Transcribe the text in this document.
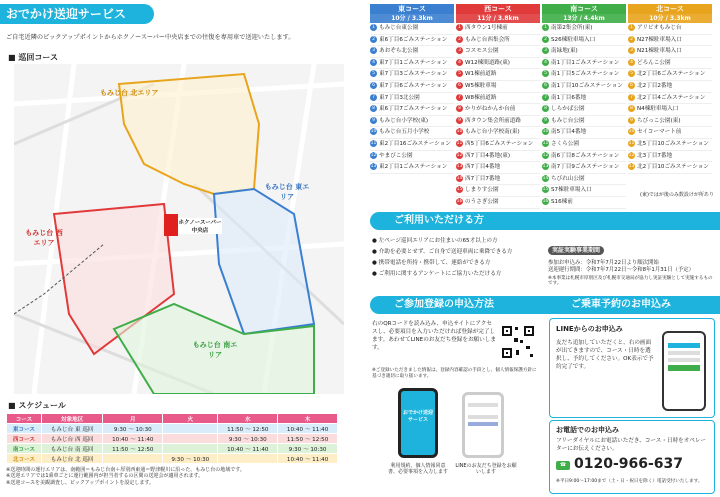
おでかけ送迎サービス
ご自宅近隣のピックアップポイントからホクノースーパー中央店までの往復を専用車で送迎いたします。
■ 巡回コース
もみじ台 北エリア
もみじ台 東エリア
もみじ台 西エリア
もみじ台 南エリア
ホクノースーパー 中央店
■ スケジュール
コース	対象地区	月	火	水	木
東コース	もみじ台 東 巡回	9:30 〜 10:30		11:50 〜 12:50	10:40 〜 11:40
西コース	もみじ台 西 巡回	10:40 〜 11:40		9:30 〜 10:30	11:50 〜 12:50
南コース	もみじ台 南 巡回	11:50 〜 12:50		10:40 〜 11:40	9:30 〜 10:30
北コース	もみじ台 北 巡回		9:30 〜 10:30		10:40 〜 11:40
※送迎時間の運行エリアは、南範囲＝もみじ台南＋厚別西東通＝野津幌川に沿った、もみじ台の地域です。
※送迎エリアでは1乗車ごとに運行範囲内が担当者するの区間の送迎会が適用されます。
※送迎コースを美観調査し、ピックアップポイントを設定します。
東コース
10分 / 3.3km
1 もみじ台東公園
2 東6丁目6ごみステーション
3 あおぞら北公園
4 東7丁目1ごみステーション
5 東7丁目3ごみステーション
6 東7丁目6ごみステーション
7 東7丁目3北公園
8 東6丁目7ごみステーション
9 もみじ台小学校(東)
10 もみじ台五月小学校
11 東2丁目16ごみステーション
12 やまびこ公園
13 東2丁目1ごみステーション
西コース
11分 / 3.8km
1 西タウン1号棟前
2 もみじ台西集会所
3 コスモス公園
4 W12棟間道路(東)
5 W1棟前道路
6 W5棟駐車場
7 W8棟前道路
8 かりがねかんか台前
9 西タウン集会所前道路
10 もみじ台小学校南(東)
11 西5丁目6ごみステーション
12 西7丁目4番地(東)
13 西7丁目4番地
14 西7丁目7番地
15 しまりす公園
16 のうさぎ公園
南コース
13分 / 4.4km
1 南第2集会所(東)
2 S26棟駐車場入口
3 南緑地(東)
4 南1丁目1ごみステーション
5 南1丁目5ごみステーション
6 南1丁目10ごみステーション
7 南1丁目6番地
8 しらかば公園
9 もみじ台公園
10 南5丁目4番地
11 さくら公園
12 南6丁目8ごみステーション
13 南7丁目9ごみステーション
14 ちびれ山公園
15 S7棟駐車場入口
16 S16棟前
北コース
10分 / 3.3km
1 アリビオもみじ台
2 N27棟駐車場入口
3 N21棟駐車場入口
4 どろんこ公園
5 北2丁目6ごみステーション
6 北2丁目2番地
7 北2丁目4ごみステーション
8 N4棟駐車場入口
9 ちびっこ公園(東)
10 セイコーマート前
11 北5丁目10ごみステーション
12 北3丁目7番地
13 北2丁目10ごみステーション
(東)ではが後のみ数設けが所あり
ご利用いただける方
● 左ページ巡回エリアにお住まいの65才以上の方
● 介助を必要とせず、ご自身で送迎車両に乗降できる方
● 携帯電話を所持・携帯して、連絡ができる方
● ご利用に関するアンケートにご協力いただける方
実証実験事業期間
参加お申込み：令和7年7月22日より順次開始
送迎運行期間：令和7年7月22日〜令和8年1月31日（予定）
※本事業は札幌市厚別区及び札幌市交通局が協力し実証実験として実施するものです。
ご参加登録の申込方法
右のQRコードを読み込み、申込サイトにアクセスし、必要項目を入力いただければ登録が完了します。あわせてLINEのお友だち登録をお願いします。
※ご登録いただきました情報は、登録内容確認の手段とし、個人情報保護方針に基づき適切に取り扱います。
おでかけ送迎サービス
利用規約、個人情報同意書、必要事項を入力します
LINEのお友だち登録をお願いします
ご乗車予約のお申込み
LINEからのお申込み
友だち追加していただくと、右の画面が出てきますので、コース・日時を選択し、予約してください。OK表示で予約完了です。
お電話でのお申込み
フリーダイヤルにお電話いただき、コース・日時をオペレーターにお伝えください。
☎ 0120-966-637
※平日9:00〜17:00まで（土・日・祝日を除く）電話受付いたします。
